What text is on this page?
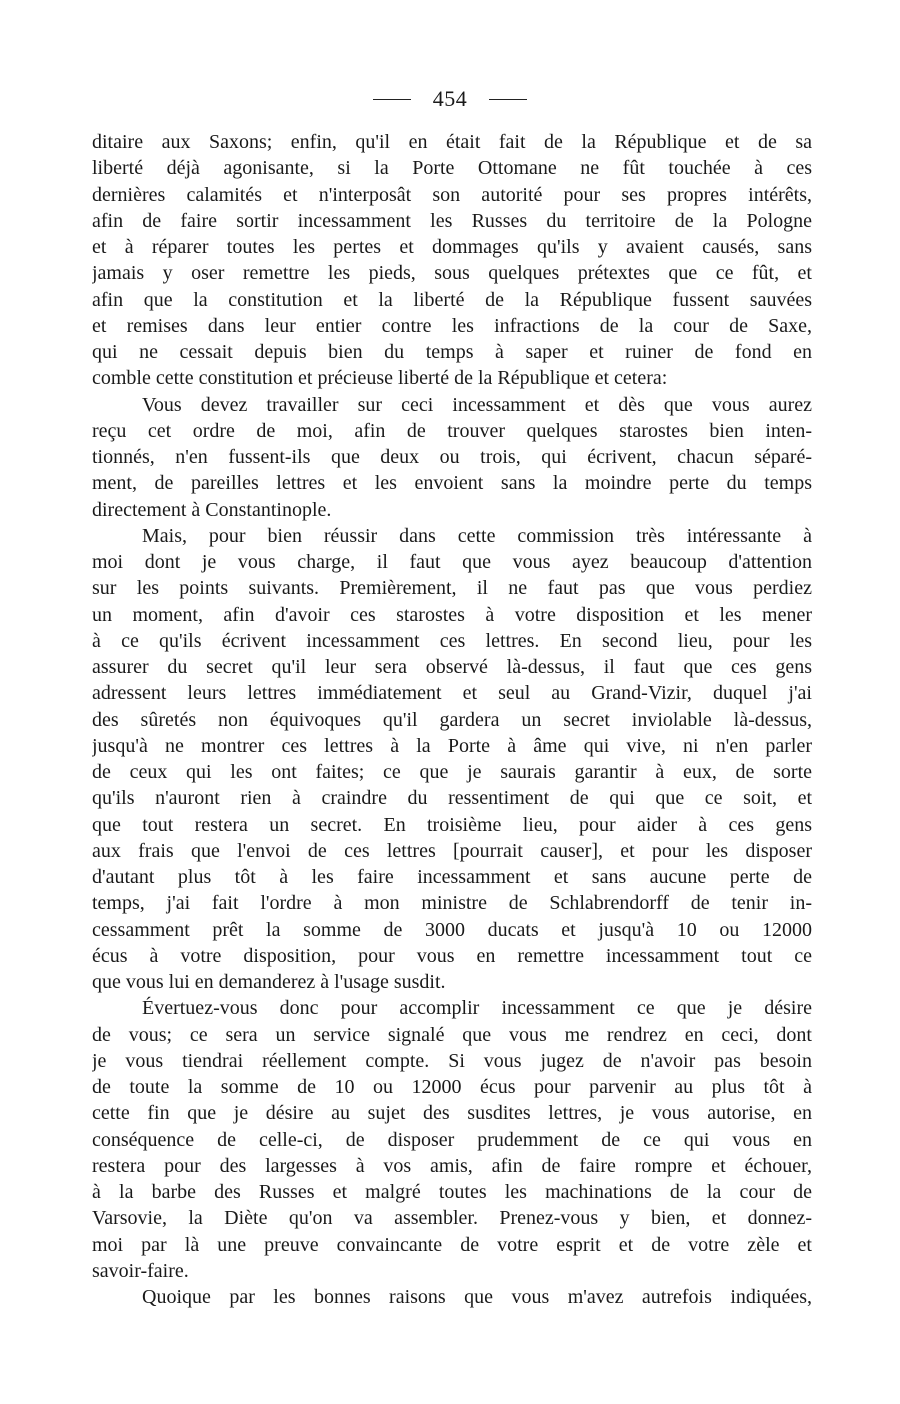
454
ditaire aux Saxons; enfin, qu'il en était fait de la République et de sa
liberté déjà agonisante, si la Porte Ottomane ne fût touchée à ces
dernières calamités et n'interposât son autorité pour ses propres intérêts,
afin de faire sortir incessamment les Russes du territoire de la Pologne
et à réparer toutes les pertes et dommages qu'ils y avaient causés, sans
jamais y oser remettre les pieds, sous quelques prétextes que ce fût, et
afin que la constitution et la liberté de la République fussent sauvées
et remises dans leur entier contre les infractions de la cour de Saxe,
qui ne cessait depuis bien du temps à saper et ruiner de fond en
comble cette constitution et précieuse liberté de la République et cetera:
Vous devez travailler sur ceci incessamment et dès que vous aurez
reçu cet ordre de moi, afin de trouver quelques starostes bien inten-
tionnés, n'en fussent-ils que deux ou trois, qui écrivent, chacun séparé-
ment, de pareilles lettres et les envoient sans la moindre perte du temps
directement à Constantinople.
Mais, pour bien réussir dans cette commission très intéressante à
moi dont je vous charge, il faut que vous ayez beaucoup d'attention
sur les points suivants. Premièrement, il ne faut pas que vous perdiez
un moment, afin d'avoir ces starostes à votre disposition et les mener
à ce qu'ils écrivent incessamment ces lettres. En second lieu, pour les
assurer du secret qu'il leur sera observé là-dessus, il faut que ces gens
adressent leurs lettres immédiatement et seul au Grand-Vizir, duquel j'ai
des sûretés non équivoques qu'il gardera un secret inviolable là-dessus,
jusqu'à ne montrer ces lettres à la Porte à âme qui vive, ni n'en parler
de ceux qui les ont faites; ce que je saurais garantir à eux, de sorte
qu'ils n'auront rien à craindre du ressentiment de qui que ce soit, et
que tout restera un secret. En troisième lieu, pour aider à ces gens
aux frais que l'envoi de ces lettres [pourrait causer], et pour les disposer
d'autant plus tôt à les faire incessamment et sans aucune perte de
temps, j'ai fait l'ordre à mon ministre de Schlabrendorff de tenir in-
cessamment prêt la somme de 3000 ducats et jusqu'à 10 ou 12000
écus à votre disposition, pour vous en remettre incessamment tout ce
que vous lui en demanderez à l'usage susdit.
Évertuez-vous donc pour accomplir incessamment ce que je désire
de vous; ce sera un service signalé que vous me rendrez en ceci, dont
je vous tiendrai réellement compte. Si vous jugez de n'avoir pas besoin
de toute la somme de 10 ou 12000 écus pour parvenir au plus tôt à
cette fin que je désire au sujet des susdites lettres, je vous autorise, en
conséquence de celle-ci, de disposer prudemment de ce qui vous en
restera pour des largesses à vos amis, afin de faire rompre et échouer,
à la barbe des Russes et malgré toutes les machinations de la cour de
Varsovie, la Diète qu'on va assembler. Prenez-vous y bien, et donnez-
moi par là une preuve convaincante de votre esprit et de votre zèle et
savoir-faire.
Quoique par les bonnes raisons que vous m'avez autrefois indiquées,
